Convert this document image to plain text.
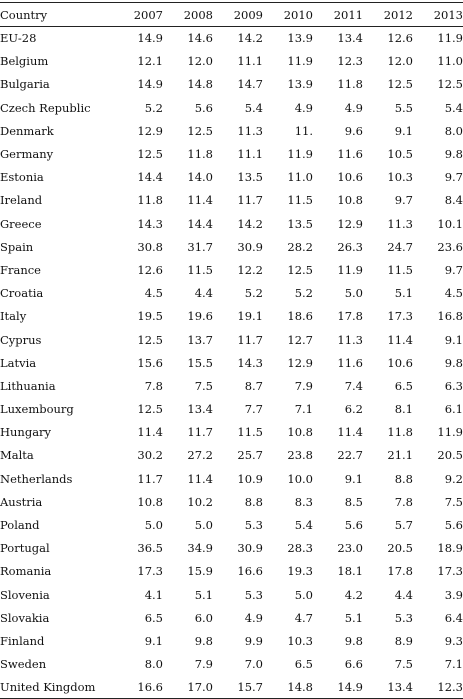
Country	2007	2008	2009	2010	2011	2012	2013
EU-28	14.9	14.6	14.2	13.9	13.4	12.6	11.9
Belgium	12.1	12.0	11.1	11.9	12.3	12.0	11.0
Bulgaria	14.9	14.8	14.7	13.9	11.8	12.5	12.5
Czech Republic	5.2	5.6	5.4	4.9	4.9	5.5	5.4
Denmark	12.9	12.5	11.3	11.	9.6	9.1	8.0
Germany	12.5	11.8	11.1	11.9	11.6	10.5	9.8
Estonia	14.4	14.0	13.5	11.0	10.6	10.3	9.7
Ireland	11.8	11.4	11.7	11.5	10.8	9.7	8.4
Greece	14.3	14.4	14.2	13.5	12.9	11.3	10.1
Spain	30.8	31.7	30.9	28.2	26.3	24.7	23.6
France	12.6	11.5	12.2	12.5	11.9	11.5	9.7
Croatia	4.5	4.4	5.2	5.2	5.0	5.1	4.5
Italy	19.5	19.6	19.1	18.6	17.8	17.3	16.8
Cyprus	12.5	13.7	11.7	12.7	11.3	11.4	9.1
Latvia	15.6	15.5	14.3	12.9	11.6	10.6	9.8
Lithuania	7.8	7.5	8.7	7.9	7.4	6.5	6.3
Luxembourg	12.5	13.4	7.7	7.1	6.2	8.1	6.1
Hungary	11.4	11.7	11.5	10.8	11.4	11.8	11.9
Malta	30.2	27.2	25.7	23.8	22.7	21.1	20.5
Netherlands	11.7	11.4	10.9	10.0	9.1	8.8	9.2
Austria	10.8	10.2	8.8	8.3	8.5	7.8	7.5
Poland	5.0	5.0	5.3	5.4	5.6	5.7	5.6
Portugal	36.5	34.9	30.9	28.3	23.0	20.5	18.9
Romania	17.3	15.9	16.6	19.3	18.1	17.8	17.3
Slovenia	4.1	5.1	5.3	5.0	4.2	4.4	3.9
Slovakia	6.5	6.0	4.9	4.7	5.1	5.3	6.4
Finland	9.1	9.8	9.9	10.3	9.8	8.9	9.3
Sweden	8.0	7.9	7.0	6.5	6.6	7.5	7.1
United Kingdom	16.6	17.0	15.7	14.8	14.9	13.4	12.3
